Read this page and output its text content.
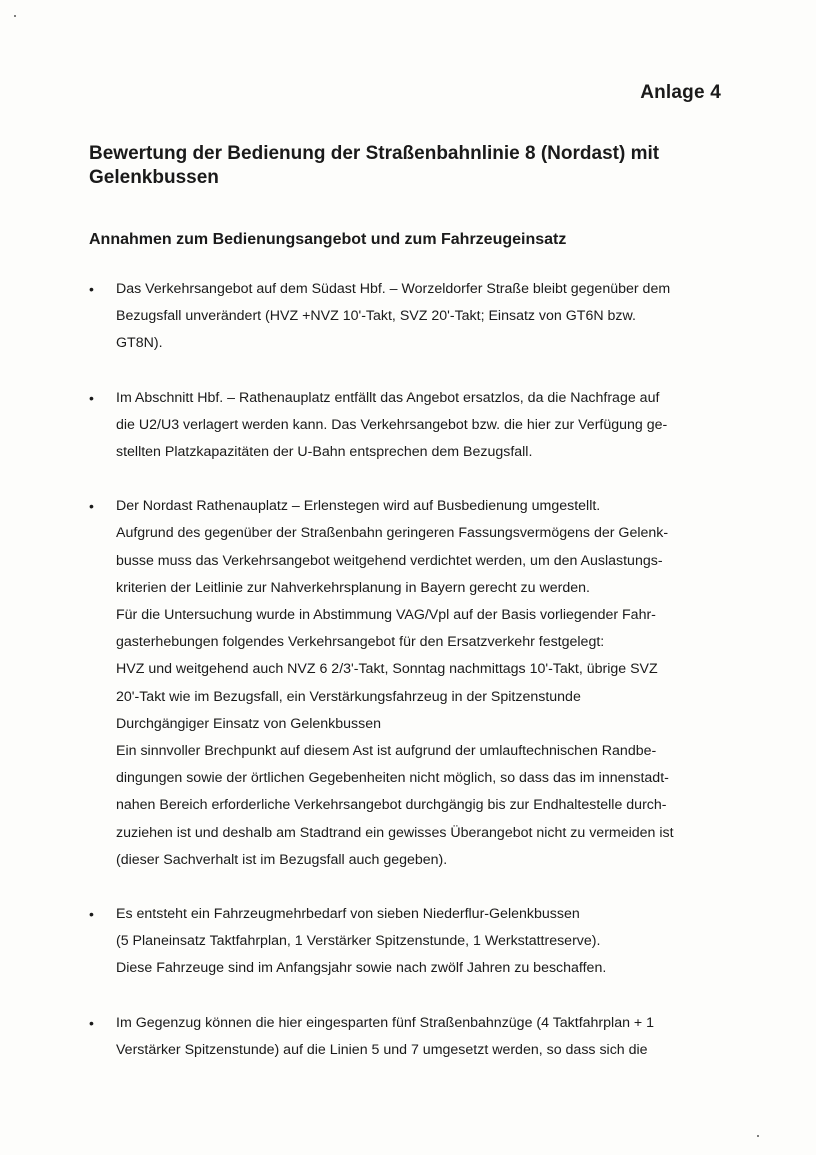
Anlage 4
Bewertung der Bedienung der Straßenbahnlinie 8 (Nordast) mit
Gelenkbussen
Annahmen zum Bedienungsangebot und zum Fahrzeugeinsatz
• Das Verkehrsangebot auf dem Südast Hbf. – Worzeldorfer Straße bleibt gegenüber dem
Bezugsfall unverändert (HVZ +NVZ 10'-Takt, SVZ 20'-Takt; Einsatz von GT6N bzw.
GT8N).
• Im Abschnitt Hbf. – Rathenauplatz entfällt das Angebot ersatzlos, da die Nachfrage auf
die U2/U3 verlagert werden kann. Das Verkehrsangebot bzw. die hier zur Verfügung ge-
stellten Platzkapazitäten der U-Bahn entsprechen dem Bezugsfall.
• Der Nordast Rathenauplatz – Erlenstegen wird auf Busbedienung umgestellt.
Aufgrund des gegenüber der Straßenbahn geringeren Fassungsvermögens der Gelenk-
busse muss das Verkehrsangebot weitgehend verdichtet werden, um den Auslastungs-
kriterien der Leitlinie zur Nahverkehrsplanung in Bayern gerecht zu werden.
Für die Untersuchung wurde in Abstimmung VAG/Vpl auf der Basis vorliegender Fahr-
gasterhebungen folgendes Verkehrsangebot für den Ersatzverkehr festgelegt:
HVZ und weitgehend auch NVZ 6 2/3'-Takt, Sonntag nachmittags 10'-Takt, übrige SVZ
20'-Takt wie im Bezugsfall, ein Verstärkungsfahrzeug in der Spitzenstunde
Durchgängiger Einsatz von Gelenkbussen
Ein sinnvoller Brechpunkt auf diesem Ast ist aufgrund der umlauftechnischen Randbe-
dingungen sowie der örtlichen Gegebenheiten nicht möglich, so dass das im innenstadt-
nahen Bereich erforderliche Verkehrsangebot durchgängig bis zur Endhaltestelle durch-
zuziehen ist und deshalb am Stadtrand ein gewisses Überangebot nicht zu vermeiden ist
(dieser Sachverhalt ist im Bezugsfall auch gegeben).
• Es entsteht ein Fahrzeugmehrbedarf von sieben Niederflur-Gelenkbussen
(5 Planeinsatz Taktfahrplan, 1 Verstärker Spitzenstunde, 1 Werkstattreserve).
Diese Fahrzeuge sind im Anfangsjahr sowie nach zwölf Jahren zu beschaffen.
• Im Gegenzug können die hier eingesparten fünf Straßenbahnzüge (4 Taktfahrplan + 1
Verstärker Spitzenstunde) auf die Linien 5 und 7 umgesetzt werden, so dass sich die
